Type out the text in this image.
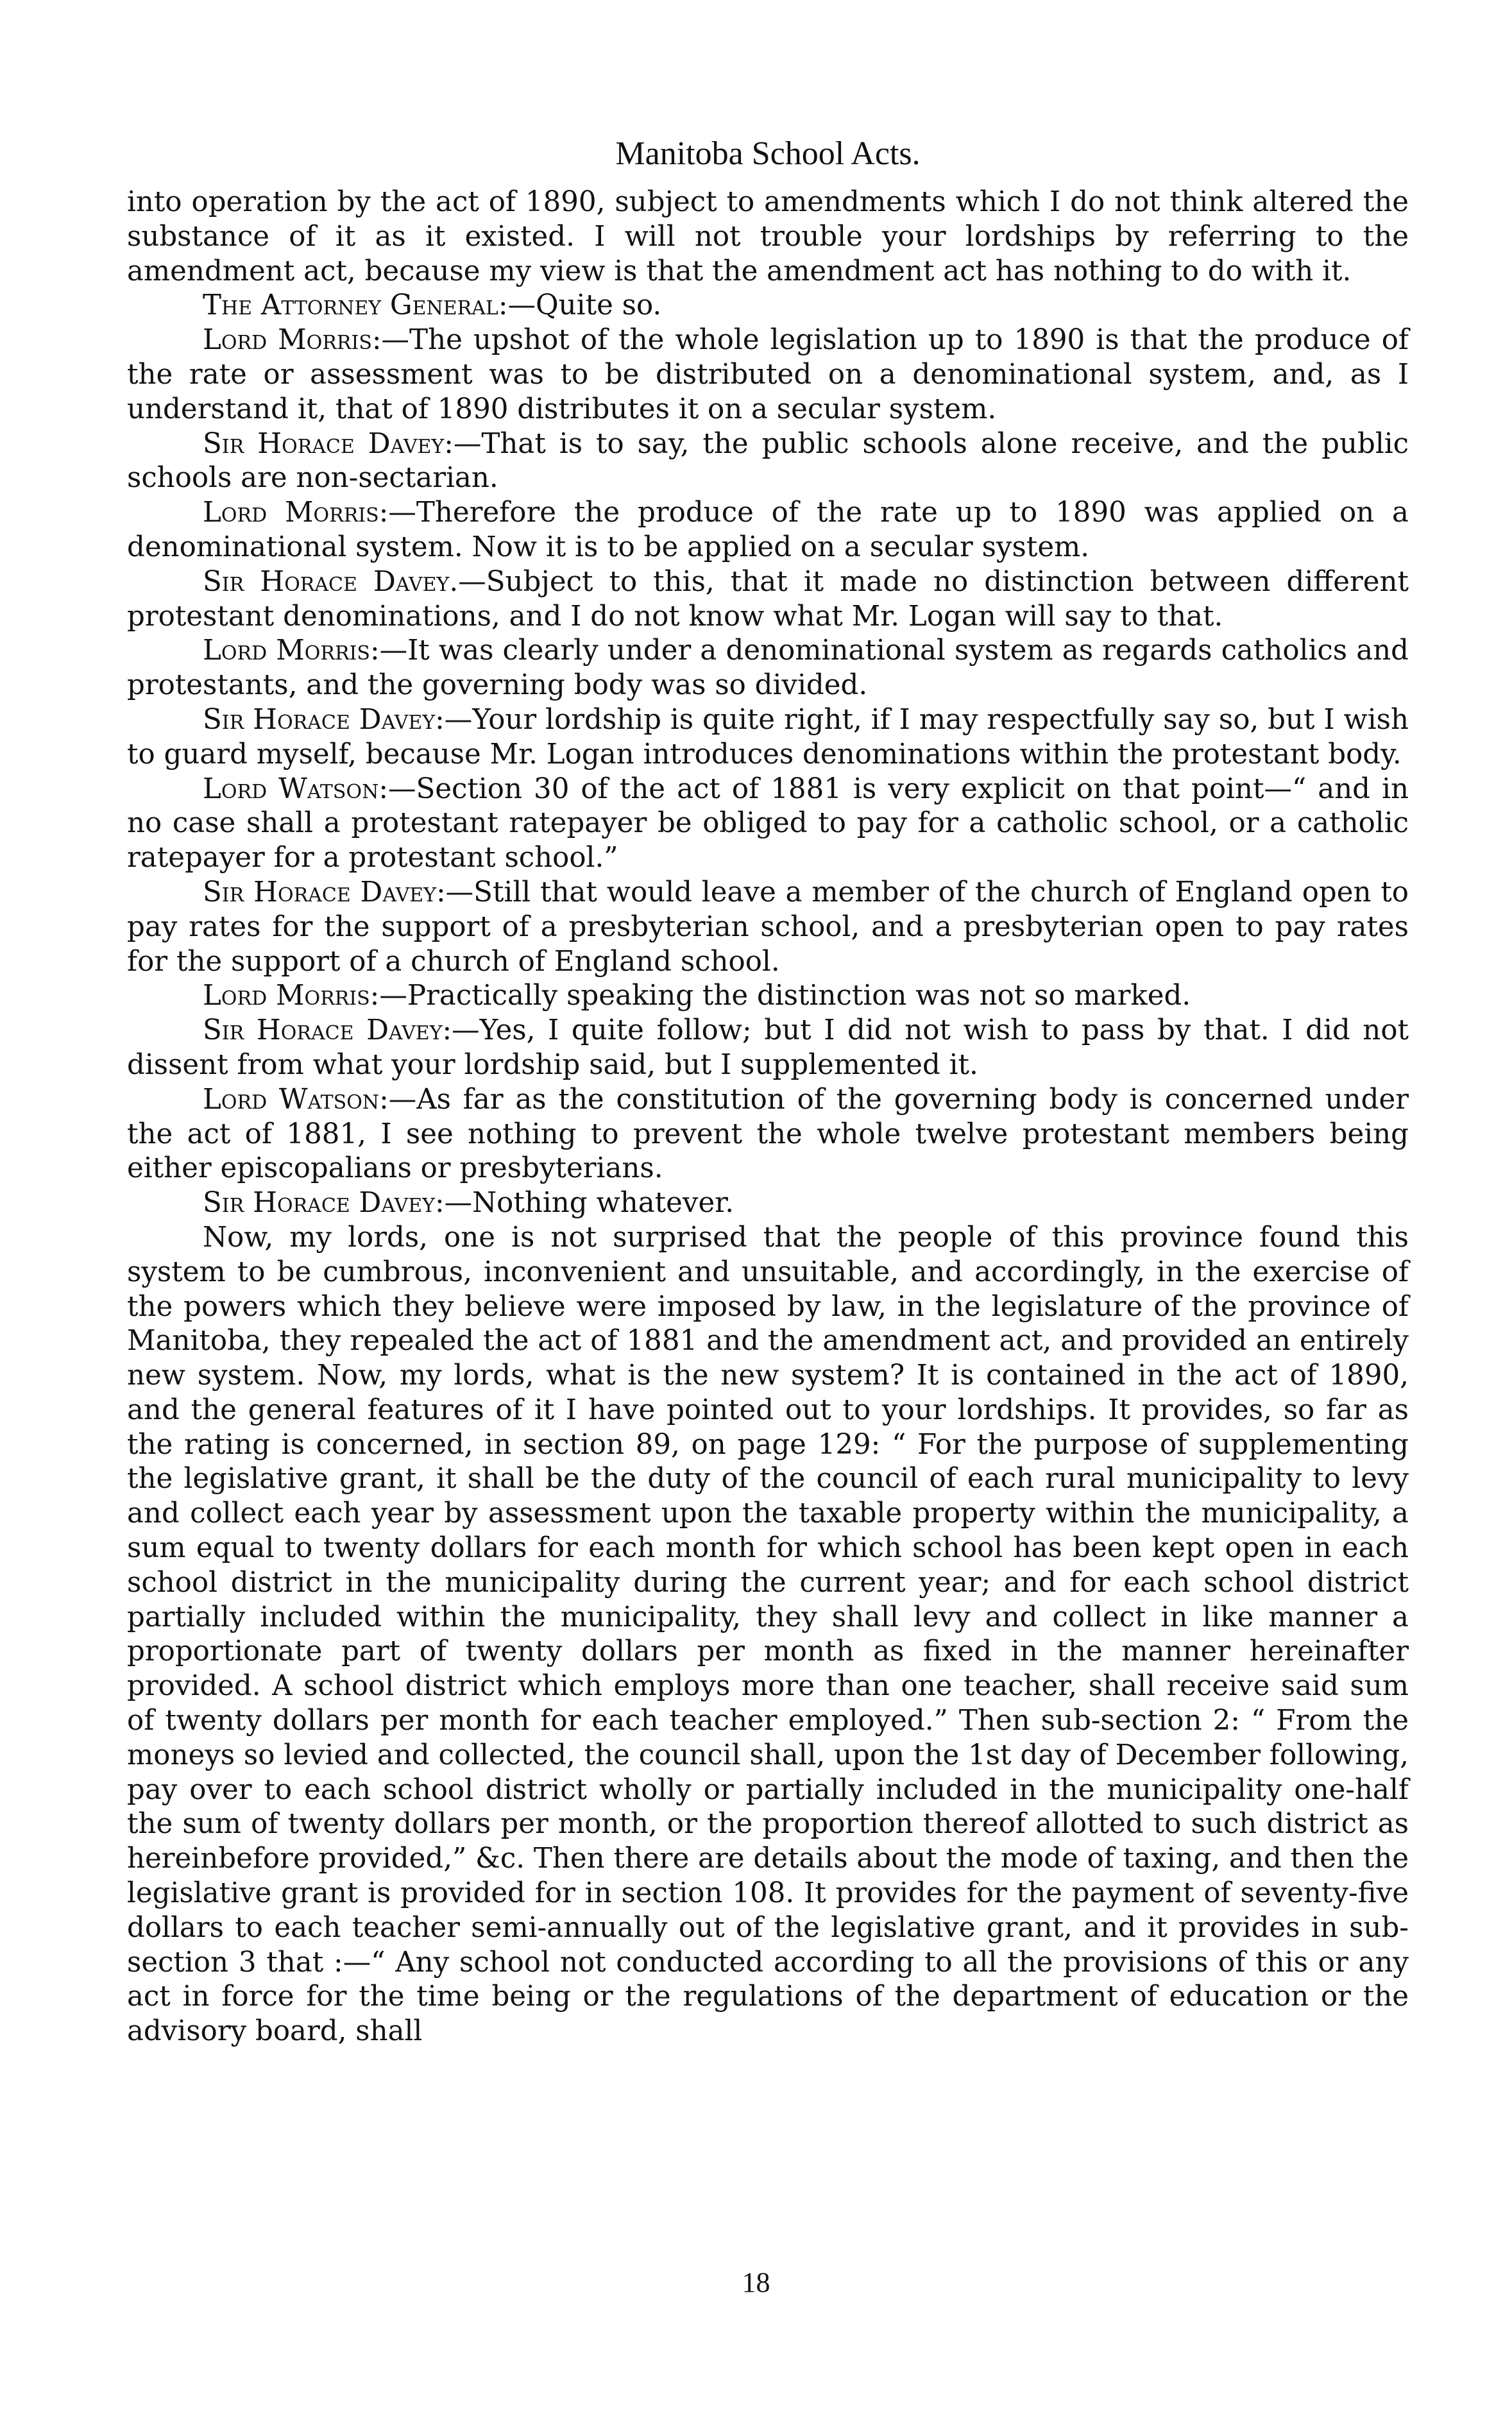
Manitoba School Acts.

into operation by the act of 1890, subject to amendments which I do not think altered the substance of it as it existed. I will not trouble your lordships by referring to the amendment act, because my view is that the amendment act has nothing to do with it.

The Attorney General:—Quite so.

Lord Morris:—The upshot of the whole legislation up to 1890 is that the produce of the rate or assessment was to be distributed on a denominational system, and, as I understand it, that of 1890 distributes it on a secular system.

Sir Horace Davey:—That is to say, the public schools alone receive, and the public schools are non-sectarian.

Lord Morris:—Therefore the produce of the rate up to 1890 was applied on a denominational system. Now it is to be applied on a secular system.

Sir Horace Davey.—Subject to this, that it made no distinction between different protestant denominations, and I do not know what Mr. Logan will say to that.

Lord Morris:—It was clearly under a denominational system as regards catholics and protestants, and the governing body was so divided.

Sir Horace Davey:—Your lordship is quite right, if I may respectfully say so, but I wish to guard myself, because Mr. Logan introduces denominations within the protestant body.

Lord Watson:—Section 30 of the act of 1881 is very explicit on that point—“ and in no case shall a protestant ratepayer be obliged to pay for a catholic school, or a catholic ratepayer for a protestant school.”

Sir Horace Davey:—Still that would leave a member of the church of England open to pay rates for the support of a presbyterian school, and a presbyterian open to pay rates for the support of a church of England school.

Lord Morris:—Practically speaking the distinction was not so marked.

Sir Horace Davey:—Yes, I quite follow; but I did not wish to pass by that. I did not dissent from what your lordship said, but I supplemented it.

Lord Watson:—As far as the constitution of the governing body is concerned under the act of 1881, I see nothing to prevent the whole twelve protestant members being either episcopalians or presbyterians.

Sir Horace Davey:—Nothing whatever.

Now, my lords, one is not surprised that the people of this province found this system to be cumbrous, inconvenient and unsuitable, and accordingly, in the exercise of the powers which they believe were imposed by law, in the legislature of the province of Manitoba, they repealed the act of 1881 and the amendment act, and provided an entirely new system. Now, my lords, what is the new system? It is contained in the act of 1890, and the general features of it I have pointed out to your lordships. It provides, so far as the rating is concerned, in section 89, on page 129: “ For the purpose of supplementing the legislative grant, it shall be the duty of the council of each rural municipality to levy and collect each year by assessment upon the taxable property within the municipality, a sum equal to twenty dollars for each month for which school has been kept open in each school district in the municipality during the current year; and for each school district partially included within the municipality, they shall levy and collect in like manner a proportionate part of twenty dollars per month as fixed in the manner hereinafter provided. A school district which employs more than one teacher, shall receive said sum of twenty dollars per month for each teacher employed.” Then sub-section 2: “ From the moneys so levied and collected, the council shall, upon the 1st day of December following, pay over to each school district wholly or partially included in the municipality one-half the sum of twenty dollars per month, or the proportion thereof allotted to such district as hereinbefore provided,” &c. Then there are details about the mode of taxing, and then the legislative grant is provided for in section 108. It provides for the payment of seventy-five dollars to each teacher semi-annually out of the legislative grant, and it provides in sub-section 3 that :—“ Any school not conducted according to all the provisions of this or any act in force for the time being or the regulations of the department of education or the advisory board, shall

18
